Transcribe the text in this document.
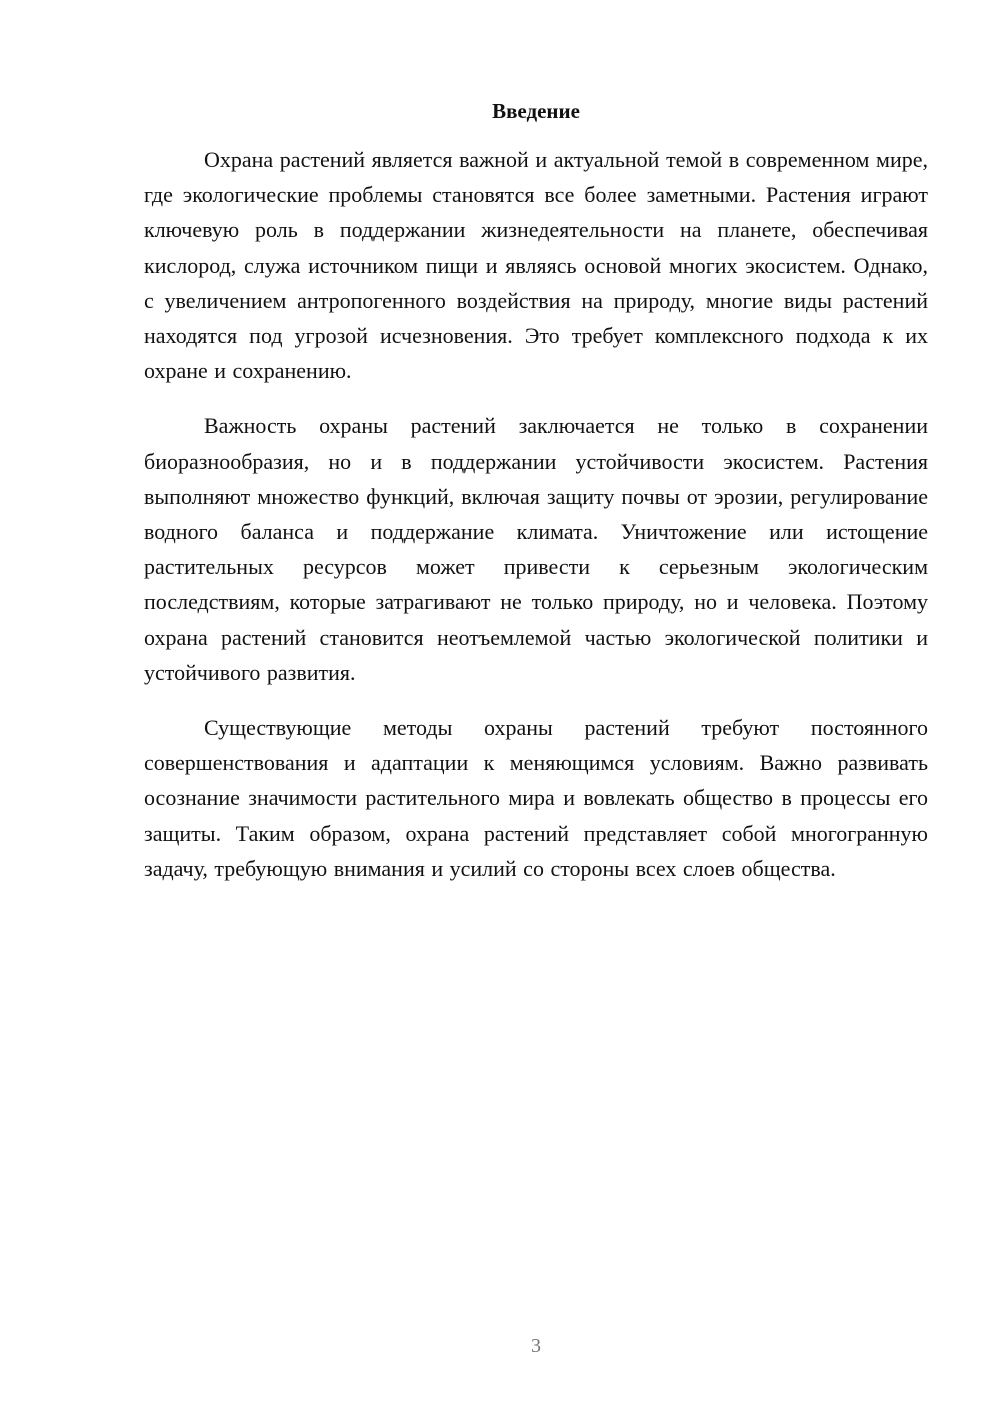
Введение

Охрана растений является важной и актуальной темой в современном мире, где экологические проблемы становятся все более заметными. Растения играют ключевую роль в поддержании жизнедеятельности на планете, обеспечивая кислород, служа источником пищи и являясь основой многих экосистем. Однако, с увеличением антропогенного воздействия на природу, многие виды растений находятся под угрозой исчезновения. Это требует комплексного подхода к их охране и сохранению.

Важность охраны растений заключается не только в сохранении биоразнообразия, но и в поддержании устойчивости экосистем. Растения выполняют множество функций, включая защиту почвы от эрозии, регулирование водного баланса и поддержание климата. Уничтожение или истощение растительных ресурсов может привести к серьезным экологическим последствиям, которые затрагивают не только природу, но и человека. Поэтому охрана растений становится неотъемлемой частью экологической политики и устойчивого развития.

Существующие методы охраны растений требуют постоянного совершенствования и адаптации к меняющимся условиям. Важно развивать осознание значимости растительного мира и вовлекать общество в процессы его защиты. Таким образом, охрана растений представляет собой многогранную задачу, требующую внимания и усилий со стороны всех слоев общества.

3
